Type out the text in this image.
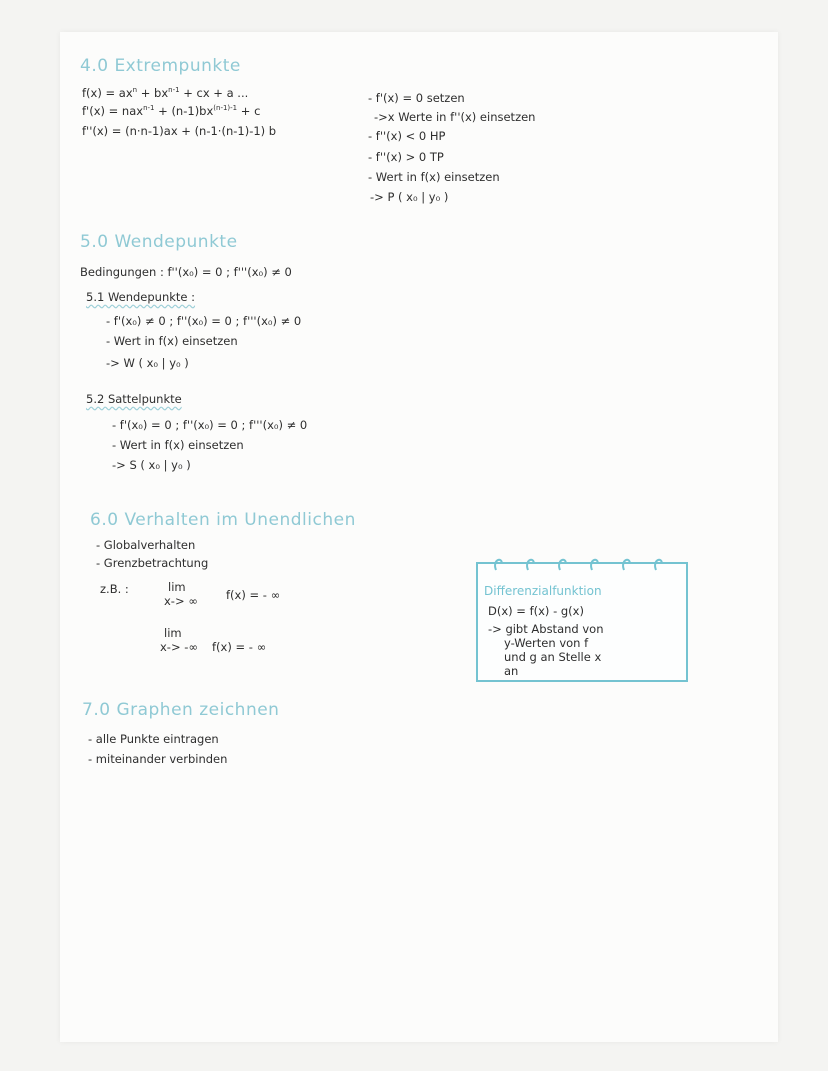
4.0 Extrempunkte
$f(x) = ax^n + bx^{n-1}$ + cx + a ...
$f'(x) = nax^{n-1} + (n-1)bx^{(n-1)-1} + c$
f''(x) = (n·n-1)ax + (n-1·(n-1)-1) b
- f'(x) = 0 setzen
->x Werte in f''(x) einsetzen
- f''(x) < 0 HP
- f''(x) > 0 TP
- Wert in f(x) einsetzen
-> P ( x₀ | y₀ )
5.0 Wendepunkte
Bedingungen : f''(x₀) = 0 ; f'''(x₀) ≠ 0
5.1 Wendepunkte :
- f'(x₀) ≠ 0 ; f''(x₀) = 0 ; f'''(x₀) ≠ 0
- Wert in f(x) einsetzen
-> W ( x₀ | y₀ )
5.2 Sattelpunkte
- f'(x₀) = 0 ; f''(x₀) = 0 ; f'''(x₀) ≠ 0
- Wert in f(x) einsetzen
-> S ( x₀ | y₀ )
6.0 Verhalten im Unendlichen
- Globalverhalten
- Grenzbetrachtung
z.B. :	lim
x-> ∞ f(x) = - ∞
lim
x-> -∞ f(x) = - ∞
7.0 Graphen zeichnen
- alle Punkte eintragen
- miteinander verbinden
Differenzialfunktion
D(x) = f(x) - g(x)
-> gibt Abstand von
y-Werten von f
und g an Stelle x
an
